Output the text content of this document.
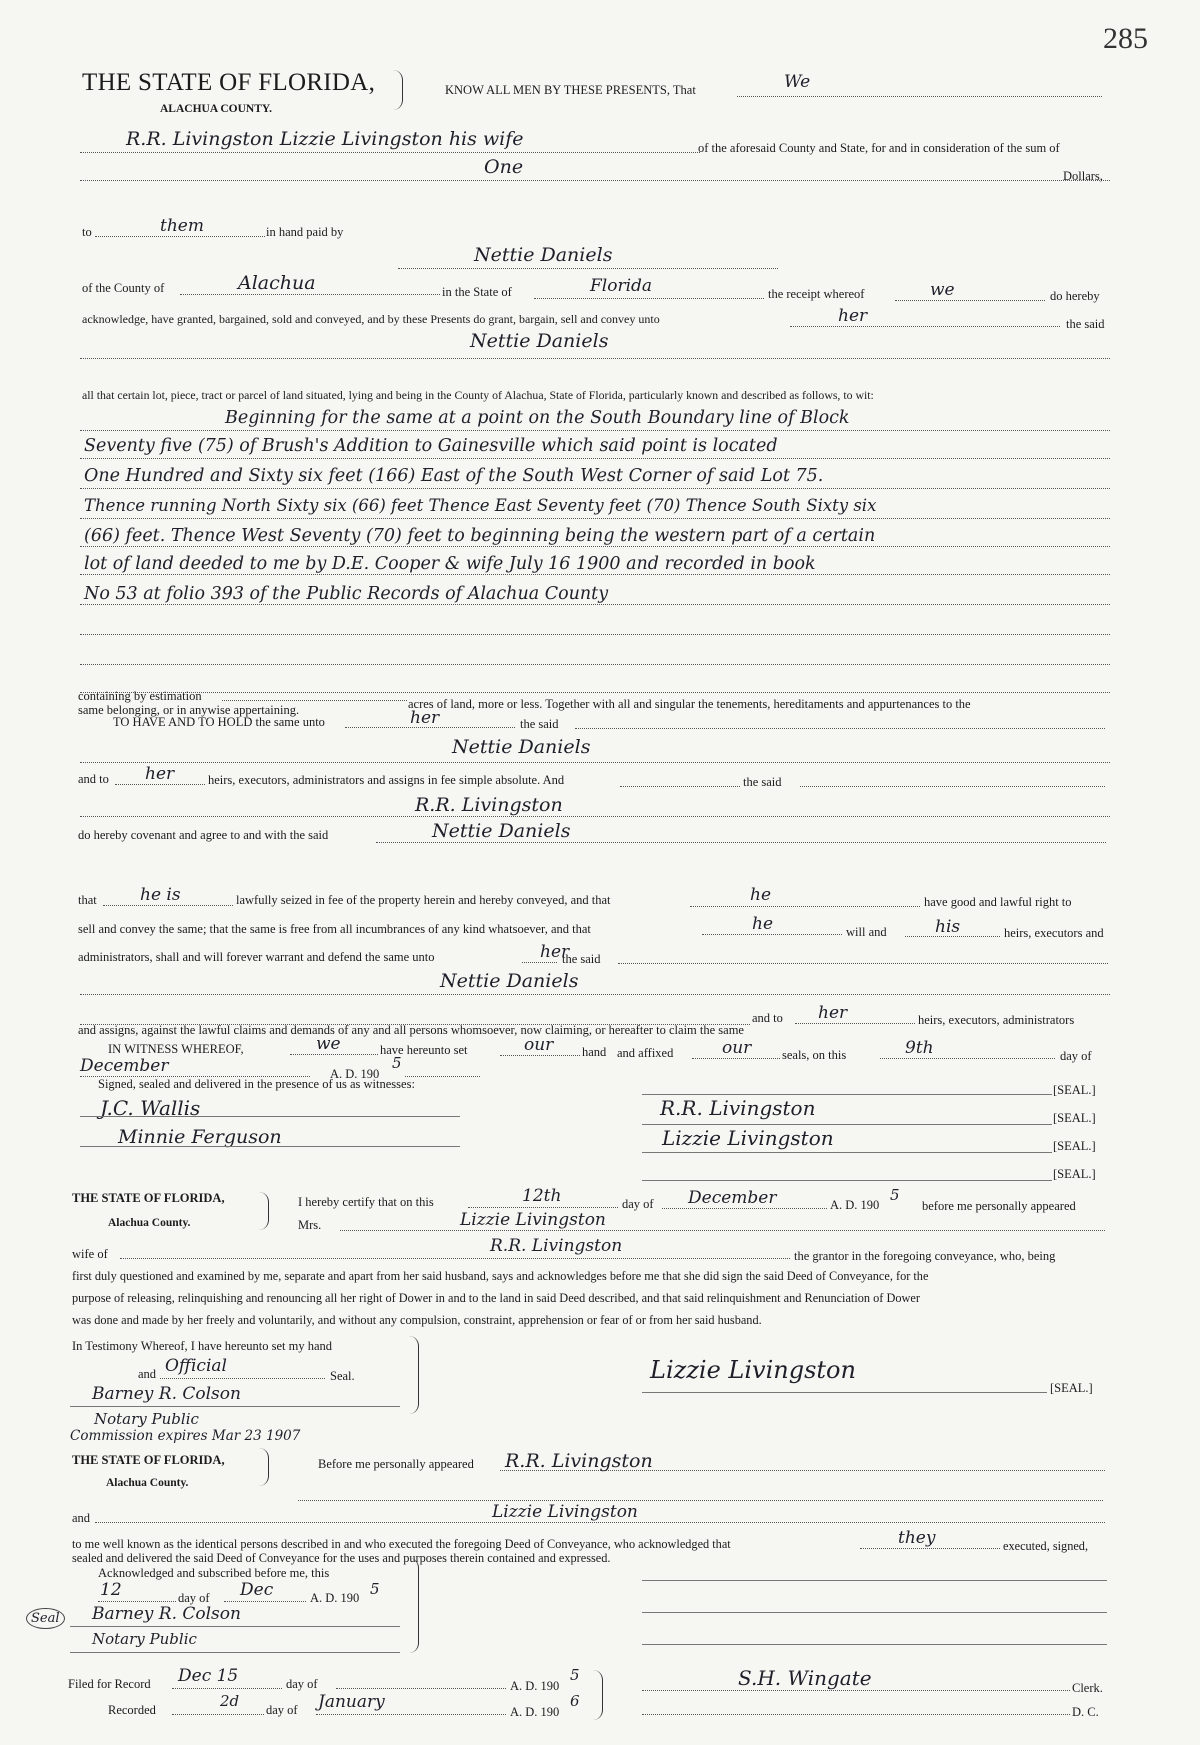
285
THE STATE OF FLORIDA,
ALACHUA COUNTY.
KNOW ALL MEN BY THESE PRESENTS, That	We
R.R. Livingston Lizzie Livingston his wife	of the aforesaid County and State, for and in consideration of the sum of
One	Dollars,
to	them	in hand paid by
Nettie Daniels
of the County of	Alachua	in the State of	Florida	the receipt whereof	we	do hereby
acknowledge, have granted, bargained, sold and conveyed, and by these Presents do grant, bargain, sell and convey unto	her	the said
Nettie Daniels
all that certain lot, piece, tract or parcel of land situated, lying and being in the County of Alachua, State of Florida, particularly known and described as follows, to wit:
Beginning for the same at a point on the South Boundary line of Block
Seventy five (75) of Brush's Addition to Gainesville which said point is located
One Hundred and Sixty six feet (166) East of the South West Corner of said Lot 75.
Thence running North Sixty six (66) feet Thence East Seventy feet (70) Thence South Sixty six
(66) feet. Thence West Seventy (70) feet to beginning being the western part of a certain
lot of land deeded to me by D.E. Cooper & wife July 16 1900 and recorded in book
No 53 at folio 393 of the Public Records of Alachua County
containing by estimation
acres of land, more or less. Together with all and singular the tenements, hereditaments and appurtenances to the
same belonging, or in anywise appertaining.
TO HAVE AND TO HOLD the same unto	her	the said
Nettie Daniels
and to her	heirs, executors, administrators and assigns in fee simple absolute. And	the said
R.R. Livingston
do hereby covenant and agree to and with the said	Nettie Daniels
that	he is	lawfully seized in fee of the property herein and hereby conveyed, and that	he	have good and lawful right to
sell and convey the same; that the same is free from all incumbrances of any kind whatsoever, and that	he	will and	his	heirs, executors and
administrators, shall and will forever warrant and defend the same unto	her
the said
Nettie Daniels
and to her	heirs, executors, administrators
and assigns, against the lawful claims and demands of any and all persons whomsoever, now claiming, or hereafter to claim the same
IN WITNESS WHEREOF,	we	have hereunto set	our hand and affixed	our seals, on this	9th	day of
December	A. D. 190
5
Signed, sealed and delivered in the presence of us as witnesses:
J.C. Wallis
Minnie Ferguson
[SEAL.]
R.R. Livingston	[SEAL.]
Lizzie Livingston	[SEAL.]
[SEAL.]
THE STATE OF FLORIDA,
Alachua County.
I hereby certify that on this	12th	day of December	A. D. 190
5
before me personally appeared
Mrs.	Lizzie Livingston
wife of	R.R. Livingston	the grantor in the foregoing conveyance, who, being
first duly questioned and examined by me, separate and apart from her said husband, says and acknowledges before me that she did sign the said Deed of Conveyance, for the
purpose of releasing, relinquishing and renouncing all her right of Dower in and to the land in said Deed described, and that said relinquishment and Renunciation of Dower
was done and made by her freely and voluntarily, and without any compulsion, constraint, apprehension or fear of or from her said husband.
In Testimony Whereof, I have hereunto set my hand
and Official	Seal.
Barney R. Colson
Notary Public
Commission expires Mar 23 1907
Lizzie Livingston
[SEAL.]
THE STATE OF FLORIDA,
Alachua County.
Before me personally appeared R.R. Livingston
and	Lizzie Livingston
to me well known as the identical persons described in and who executed the foregoing Deed of Conveyance, who acknowledged that	they	executed, signed,
sealed and delivered the said Deed of Conveyance for the uses and purposes therein contained and expressed.
Acknowledged and subscribed before me, this
12	day of Dec	A. D. 190 5
Seal Barney R. Colson
Notary Public
Filed for Record Dec 15	day of	A. D. 190
5
Recorded	2d day of January	A. D. 190
6
S.H. Wingate	Clerk.
D. C.
